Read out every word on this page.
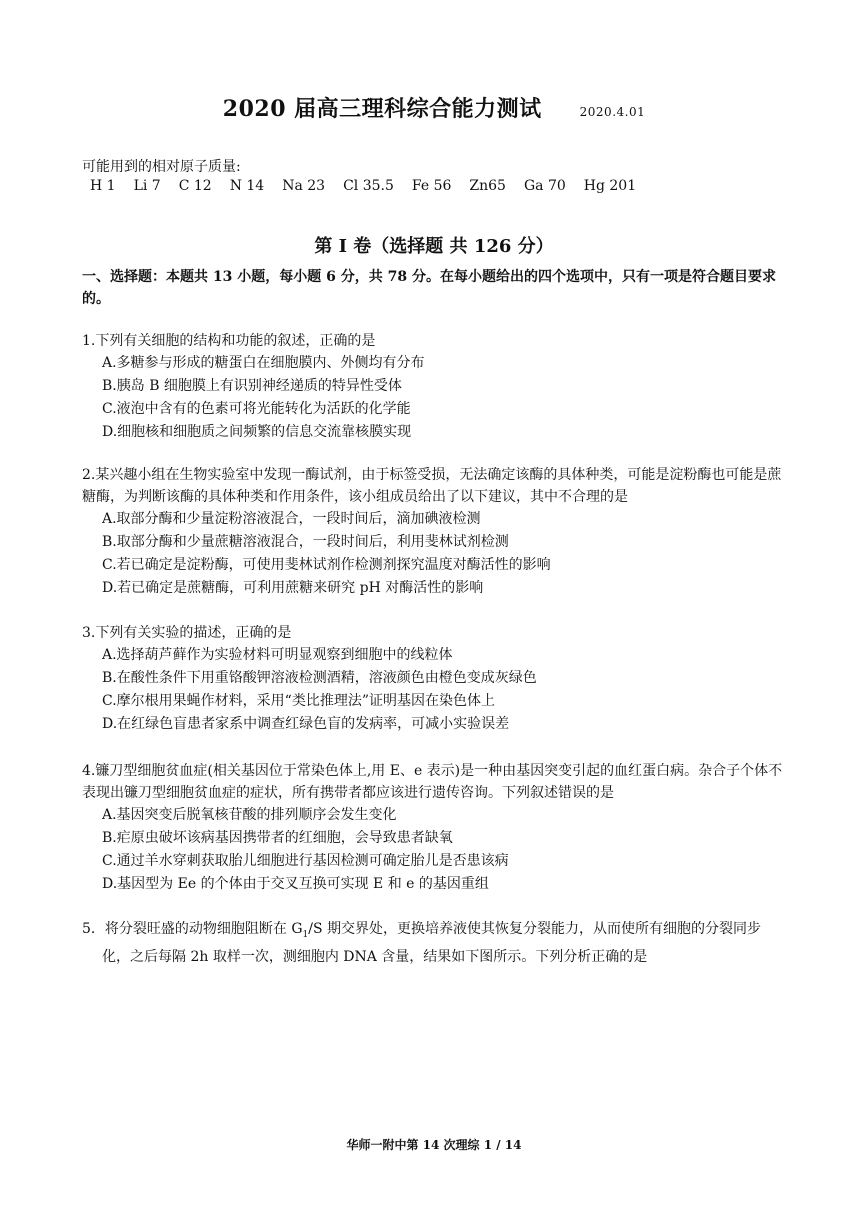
2020 届高三理科综合能力测试	2020.4.01
可能用到的相对原子质量:
H 1 Li 7 C 12 N 14 Na 23 Cl 35.5 Fe 56 Zn65 Ga 70 Hg 201
第 I 卷（选择题 共 126 分）
一、选择题：本题共 13 小题，每小题 6 分，共 78 分。在每小题给出的四个选项中，只有一项是符合题目要求的。
1.下列有关细胞的结构和功能的叙述，正确的是
A.多糖参与形成的糖蛋白在细胞膜内、外侧均有分布
B.胰岛 B 细胞膜上有识别神经递质的特异性受体
C.液泡中含有的色素可将光能转化为活跃的化学能
D.细胞核和细胞质之间频繁的信息交流靠核膜实现
2.某兴趣小组在生物实验室中发现一酶试剂，由于标签受损，无法确定该酶的具体种类，可能是淀粉酶也可能是蔗糖酶，为判断该酶的具体种类和作用条件，该小组成员给出了以下建议，其中不合理的是
A.取部分酶和少量淀粉溶液混合，一段时间后，滴加碘液检测
B.取部分酶和少量蔗糖溶液混合，一段时间后，利用斐林试剂检测
C.若已确定是淀粉酶，可使用斐林试剂作检测剂探究温度对酶活性的影响
D.若已确定是蔗糖酶，可利用蔗糖来研究 pH 对酶活性的影响
3.下列有关实验的描述，正确的是
A.选择葫芦藓作为实验材料可明显观察到细胞中的线粒体
B.在酸性条件下用重铬酸钾溶液检测酒精，溶液颜色由橙色变成灰绿色
C.摩尔根用果蝇作材料，采用“类比推理法”证明基因在染色体上
D.在红绿色盲患者家系中调查红绿色盲的发病率，可减小实验误差
4.镰刀型细胞贫血症(相关基因位于常染色体上,用 E、e 表示)是一种由基因突变引起的血红蛋白病。杂合子个体不表现出镰刀型细胞贫血症的症状，所有携带者都应该进行遗传咨询。下列叙述错误的是
A.基因突变后脱氧核苷酸的排列顺序会发生变化
B.疟原虫破坏该病基因携带者的红细胞，会导致患者缺氧
C.通过羊水穿刺获取胎儿细胞进行基因检测可确定胎儿是否患该病
D.基因型为 Ee 的个体由于交叉互换可实现 E 和 e 的基因重组
5．将分裂旺盛的动物细胞阻断在 $G_1/S$ 期交界处，更换培养液使其恢复分裂能力，从而使所有细胞的分裂同步化，之后每隔 2h 取样一次，测细胞内 DNA 含量，结果如下图所示。下列分析正确的是
华师一附中第 14 次理综 1 / 14
